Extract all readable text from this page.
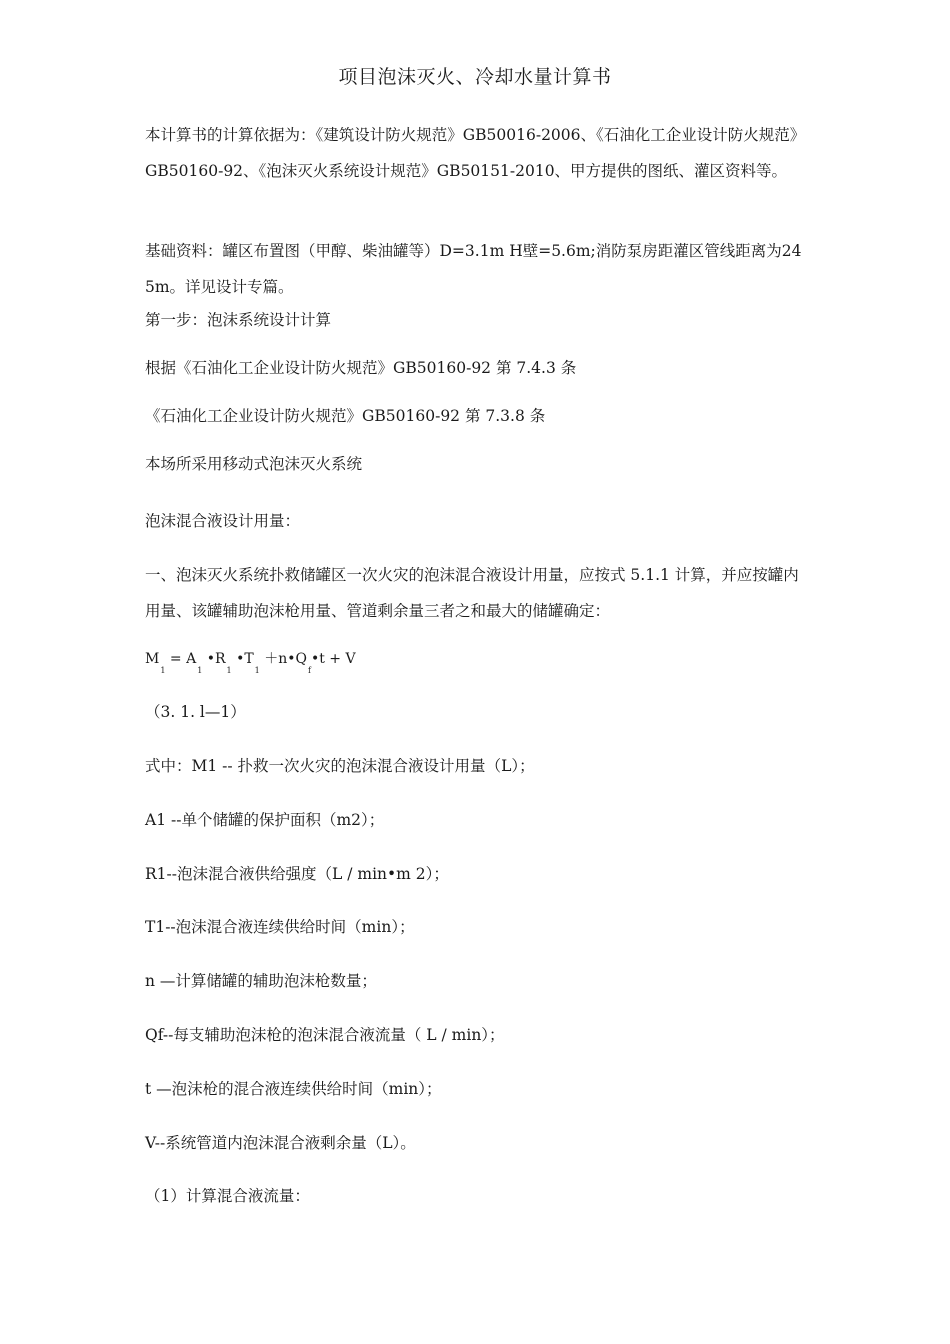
项目泡沫灭火、冷却水量计算书
本计算书的计算依据为：《建筑设计防火规范》GB50016-2006、《石油化工企业设计防火规范》GB50160-92、《泡沫灭火系统设计规范》GB50151-2010、甲方提供的图纸、灌区资料等。
基础资料：罐区布置图（甲醇、柴油罐等）D=3.1m H壁=5.6m;消防泵房距灌区管线距离为245m。详见设计专篇。
第一步：泡沫系统设计计算
根据《石油化工企业设计防火规范》GB50160-92 第 7.4.3 条
《石油化工企业设计防火规范》GB50160-92 第 7.3.8 条
本场所采用移动式泡沫灭火系统
泡沫混合液设计用量：
一、泡沫灭火系统扑救储罐区一次火灾的泡沫混合液设计用量，应按式 5.1.1 计算，并应按罐内用量、该罐辅助泡沫枪用量、管道剩余量三者之和最大的储罐确定：
$M_1 = A_1$ $•R_1$ $•T_1$ $+n•Q_f•t + V$
（3. 1. l—1）
式中：M1 -- 扑救一次火灾的泡沫混合液设计用量（L）；
A1 --单个储罐的保护面积（m2）；
R1--泡沫混合液供给强度（L / min•m 2）；
T1--泡沫混合液连续供给时间（min）；
n —计算储罐的辅助泡沫枪数量；
Qf--每支辅助泡沫枪的泡沫混合液流量（ L / min）；
t —泡沫枪的混合液连续供给时间（min）；
V--系统管道内泡沫混合液剩余量（L）。
（1）计算混合液流量：
